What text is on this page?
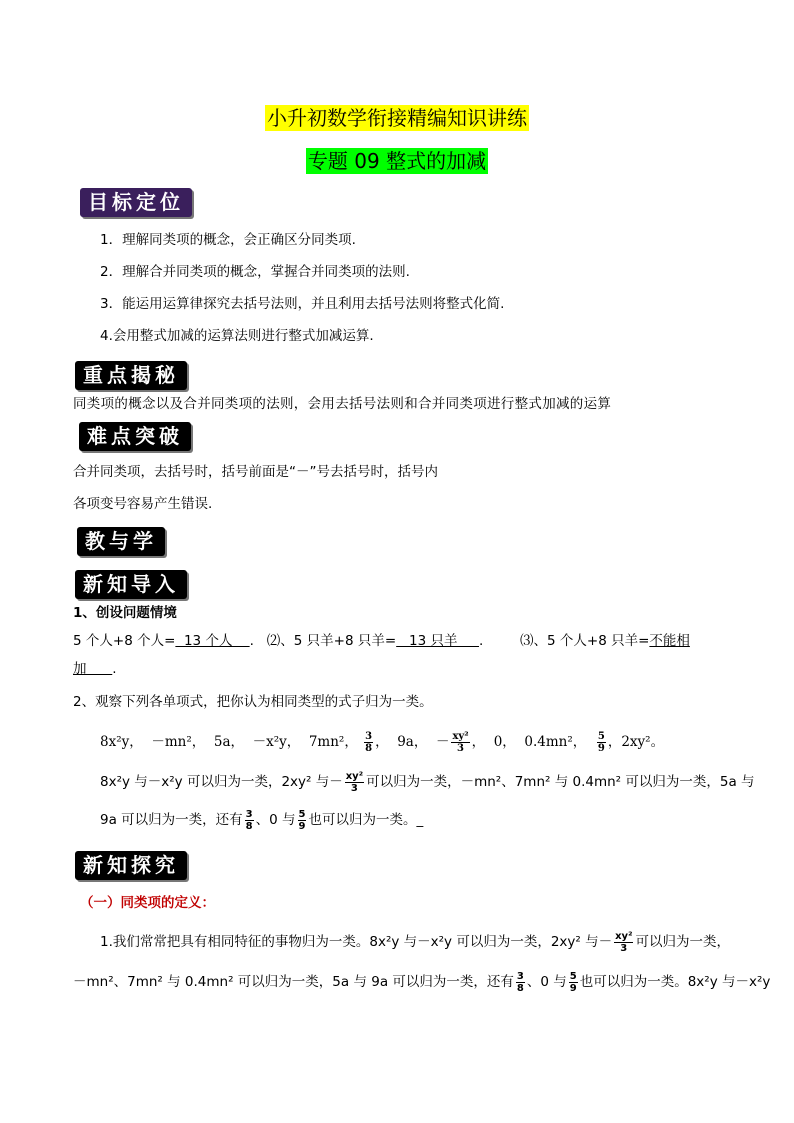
小升初数学衔接精编知识讲练
专题 09 整式的加减
目标定位
1．理解同类项的概念，会正确区分同类项.
2．理解合并同类项的概念，掌握合并同类项的法则.
3．能运用运算律探究去括号法则，并且利用去括号法则将整式化简.
4.会用整式加减的运算法则进行整式加减运算.
重点揭秘
同类项的概念以及合并同类项的法则，会用去括号法则和合并同类项进行整式加减的运算
难点突破
合并同类项，去括号时，括号前面是“－”号去括号时，括号内
各项变号容易产生错误.
教与学
新知导入
1、创设问题情境
5 个人+8 个人=  13 个人    .   ⑵、5 只羊+8 只羊=   13 只羊     .	⑶、5 个人+8 只羊=不能相
加      .
2、观察下列各单项式，把你认为相同类型的式子归为一类。
8x²y， －mn²， 5a， －x²y， 7mn²， $\frac{3}{8}$ ， 9a， － $\frac{\text{xy²}}{3}$ ， 0， 0.4mn²， $\frac{5}{9}$ ，2xy²。
8x²y 与－x²y 可以归为一类，2xy² 与－ $\frac{\text{xy²}}{3}$ 可以归为一类，－mn²、7mn² 与 0.4mn² 可以归为一类，5a 与
9a 可以归为一类，还有 $\frac{3}{8}$ 、0 与 $\frac{5}{9}$ 也可以归为一类。_
新知探究
（一）同类项的定义：
1.我们常常把具有相同特征的事物归为一类。8x²y 与－x²y 可以归为一类，2xy² 与－ $\frac{\text{xy²}}{3}$ 可以归为一类，
－mn²、7mn² 与 0.4mn² 可以归为一类，5a 与 9a 可以归为一类，还有 $\frac{3}{8}$ 、0 与 $\frac{5}{9}$ 也可以归为一类。8x²y 与－x²y
